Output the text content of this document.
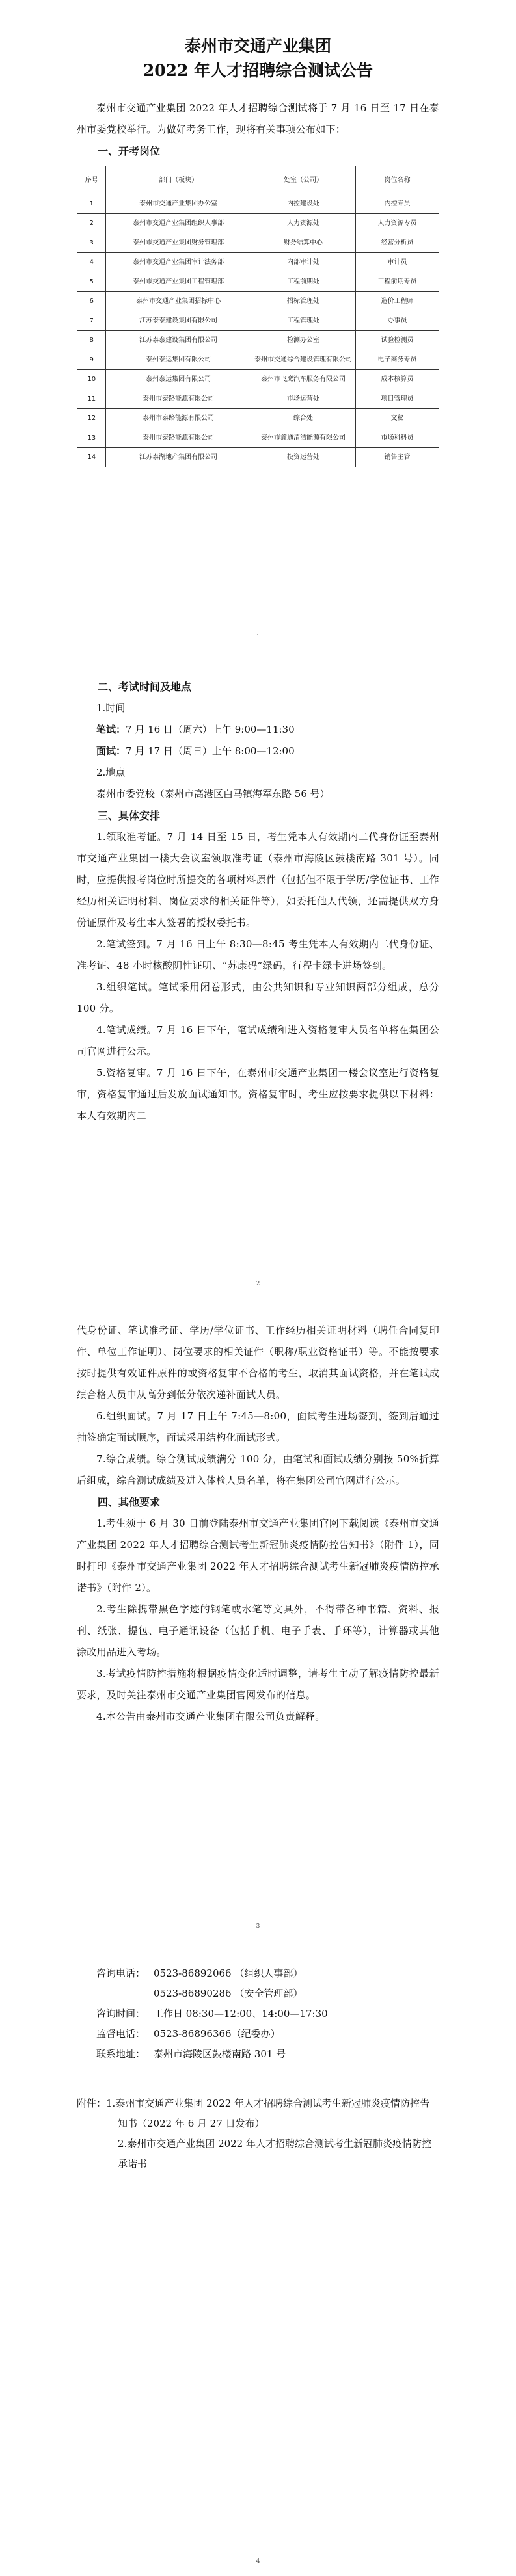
泰州市交通产业集团

2022 年人才招聘综合测试公告

泰州市交通产业集团 2022 年人才招聘综合测试将于 7 月 16 日至 17 日在泰州市委党校举行。为做好考务工作，现将有关事项公布如下：

一、开考岗位

序号	部门（板块）	处室（公司）	岗位名称
1	泰州市交通产业集团办公室	内控建设处	内控专员
2	泰州市交通产业集团组织人事部	人力资源处	人力资源专员
3	泰州市交通产业集团财务管理部	财务结算中心	经营分析员
4	泰州市交通产业集团审计法务部	内部审计处	审计员
5	泰州市交通产业集团工程管理部	工程前期处	工程前期专员
6	泰州市交通产业集团招标中心	招标管理处	造价工程师
7	江苏泰泰建设集团有限公司	工程管理处	办事员
8	江苏泰泰建设集团有限公司	检测办公室	试验检测员
9	泰州泰运集团有限公司	泰州市交通综合建设管理有限公司	电子商务专员
10	泰州泰运集团有限公司	泰州市飞鹰汽车服务有限公司	成本核算员
11	泰州市泰路能源有限公司	市场运营处	项目管理员
12	泰州市泰路能源有限公司	综合处	文秘
13	泰州市泰路能源有限公司	泰州市鑫通清洁能源有限公司	市场科科员
14	江苏泰湖地产集团有限公司	投资运营处	销售主管
1

二、考试时间及地点

1.时间

笔试：7 月 16 日（周六）上午 9:00—11:30

面试：7 月 17 日（周日）上午 8:00—12:00

2.地点

泰州市委党校（泰州市高港区白马镇海军东路 56 号）

三、具体安排

1.领取准考证。7 月 14 日至 15 日，考生凭本人有效期内二代身份证至泰州市交通产业集团一楼大会议室领取准考证（泰州市海陵区鼓楼南路 301 号）。同时，应提供报考岗位时所提交的各项材料原件（包括但不限于学历/学位证书、工作经历相关证明材料、岗位要求的相关证件等），如委托他人代领，还需提供双方身份证原件及考生本人签署的授权委托书。

2.笔试签到。7 月 16 日上午 8:30—8:45 考生凭本人有效期内二代身份证、准考证、48 小时核酸阴性证明、“苏康码”绿码，行程卡绿卡进场签到。

3.组织笔试。笔试采用闭卷形式，由公共知识和专业知识两部分组成，总分 100 分。

4.笔试成绩。7 月 16 日下午，笔试成绩和进入资格复审人员名单将在集团公司官网进行公示。

5.资格复审。7 月 16 日下午，在泰州市交通产业集团一楼会议室进行资格复审，资格复审通过后发放面试通知书。资格复审时，考生应按要求提供以下材料：本人有效期内二

2

代身份证、笔试准考证、学历/学位证书、工作经历相关证明材料（聘任合同复印件、单位工作证明）、岗位要求的相关证件（职称/职业资格证书）等。不能按要求按时提供有效证件原件的或资格复审不合格的考生，取消其面试资格，并在笔试成绩合格人员中从高分到低分依次递补面试人员。

6.组织面试。7 月 17 日上午 7:45—8:00，面试考生进场签到，签到后通过抽签确定面试顺序，面试采用结构化面试形式。

7.综合成绩。综合测试成绩满分 100 分，由笔试和面试成绩分别按 50%折算后组成，综合测试成绩及进入体检人员名单，将在集团公司官网进行公示。

四、其他要求

1.考生须于 6 月 30 日前登陆泰州市交通产业集团官网下载阅读《泰州市交通产业集团 2022 年人才招聘综合测试考生新冠肺炎疫情防控告知书》（附件 1），同时打印《泰州市交通产业集团 2022 年人才招聘综合测试考生新冠肺炎疫情防控承诺书》（附件 2）。

2.考生除携带黑色字迹的钢笔或水笔等文具外，不得带各种书籍、资料、报刊、纸张、提包、电子通讯设备（包括手机、电子手表、手环等），计算器或其他涂改用品进入考场。

3.考试疫情防控措施将根据疫情变化适时调整，请考生主动了解疫情防控最新要求，及时关注泰州市交通产业集团官网发布的信息。

4.本公告由泰州市交通产业集团有限公司负责解释。

3

咨询电话： 0523-86892066 （组织人事部）

0523-86890286 （安全管理部）

咨询时间： 工作日 08:30—12:00、14:00—17:30

监督电话： 0523-86896366（纪委办）

联系地址： 泰州市海陵区鼓楼南路 301 号

附件：1.泰州市交通产业集团 2022 年人才招聘综合测试考生新冠肺炎疫情防控告知书（2022 年 6 月 27 日发布）

2.泰州市交通产业集团 2022 年人才招聘综合测试考生新冠肺炎疫情防控承诺书

4
